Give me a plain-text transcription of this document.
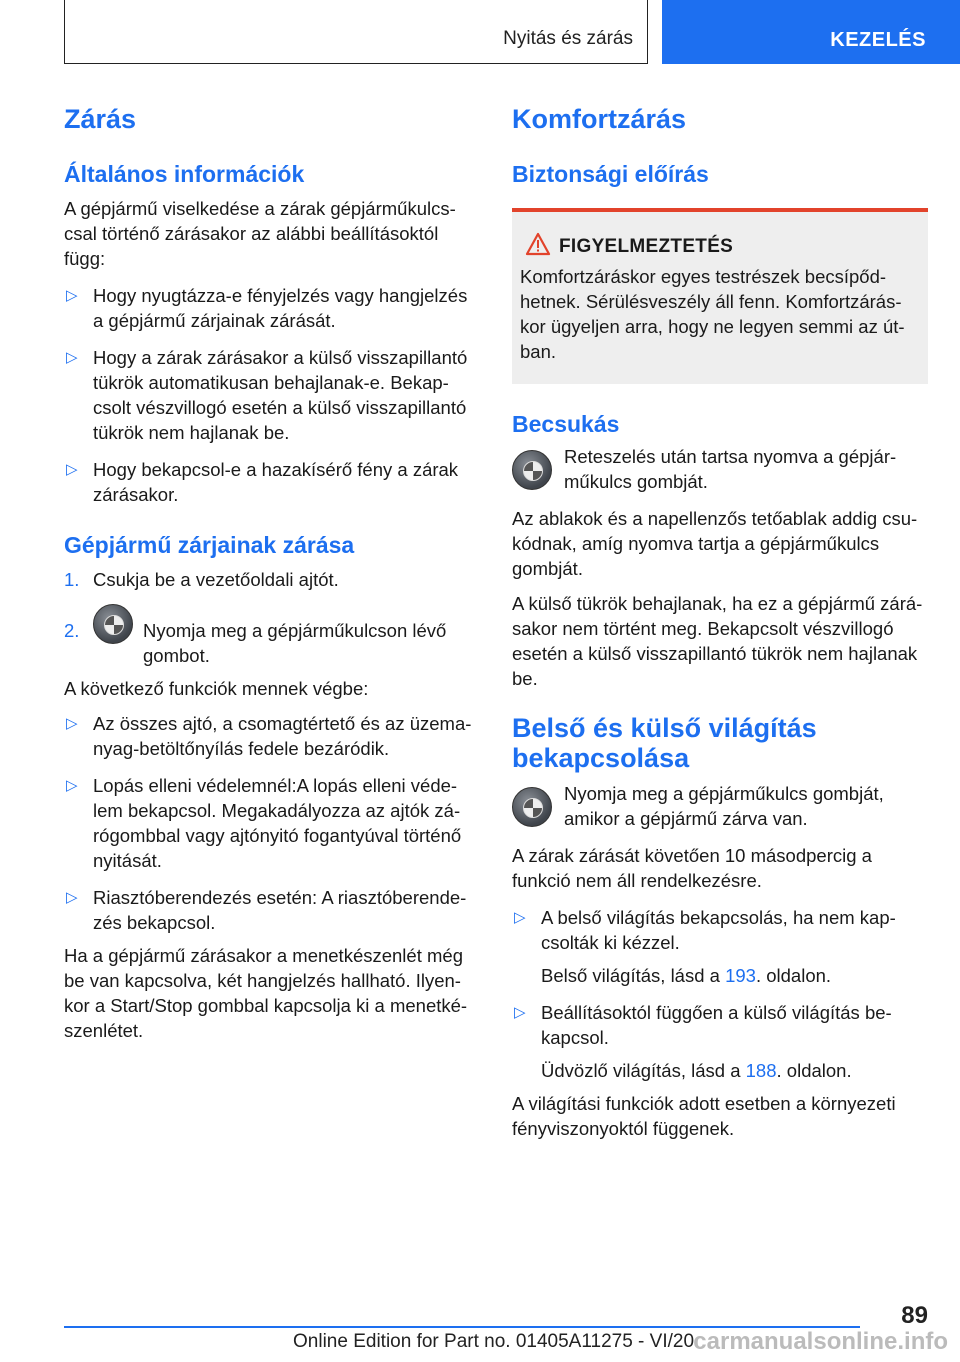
Nyitás és zárás	KEZELÉS
Zárás
Általános információk

A gépjármű viselkedése a zárak gépjárműkulcs-csal történő zárásakor az alábbi beállításoktól függ:

▷ Hogy nyugtázza-e fényjelzés vagy hangjelzés a gépjármű zárjainak zárását.
▷ Hogy a zárak zárásakor a külső visszapillantó tükrök automatikusan behajlanak-e. Bekap-csolt vészvillogó esetén a külső visszapillantó tükrök nem hajlanak be.
▷ Hogy bekapcsol-e a hazakísérő fény a zárak zárásakor.
Gépjármű zárjainak zárása
1. Csukja be a vezetőoldali ajtót.
2.	Nyomja meg a gépjárműkulcson lévő gombot.

A következő funkciók mennek végbe:

▷ Az összes ajtó, a csomagtértető és az üzema-nyag-betöltőnyílás fedele bezáródik.
▷ Lopás elleni védelemnél:A lopás elleni véde-lem bekapcsol. Megakadályozza az ajtók zá-rógombbal vagy ajtónyitó fogantyúval történő nyitását.
▷ Riasztóberendezés esetén: A riasztóberende-zés bekapcsol.

Ha a gépjármű zárásakor a menetkészenlét még be van kapcsolva, két hangjelzés hallható. Ilyen-kor a Start/Stop gombbal kapcsolja ki a menetké-szenlétet.

Komfortzárás
Biztonsági előírás
FIGYELMEZTETÉS

Komfortzáráskor egyes testrészek becsípőd-hetnek. Sérülésveszély áll fenn. Komfortzárás-kor ügyeljen arra, hogy ne legyen semmi az út-ban.

Becsukás
Reteszelés után tartsa nyomva a gépjár-műkulcs gombját.

Az ablakok és a napellenzős tetőablak addig csu-kódnak, amíg nyomva tartja a gépjárműkulcs gombját.

A külső tükrök behajlanak, ha ez a gépjármű zárá-sakor nem történt meg. Bekapcsolt vészvillogó esetén a külső visszapillantó tükrök nem hajlanak be.

Belső és külső világítás bekapcsolása
Nyomja meg a gépjárműkulcs gombját, amikor a gépjármű zárva van.

A zárak zárását követően 10 másodpercig a funkció nem áll rendelkezésre.

▷ A belső világítás bekapcsolás, ha nem kap-csolták ki kézzel.
Belső világítás, lásd a 193. oldalon.
▷ Beállításoktól függően a külső világítás be-kapcsol.
Üdvözlő világítás, lásd a 188. oldalon.

A világítási funkciók adott esetben a környezeti fényviszonyoktól függenek.

89
Online Edition for Part no. 01405A11275 - VI/20 carmanualsonline.info
